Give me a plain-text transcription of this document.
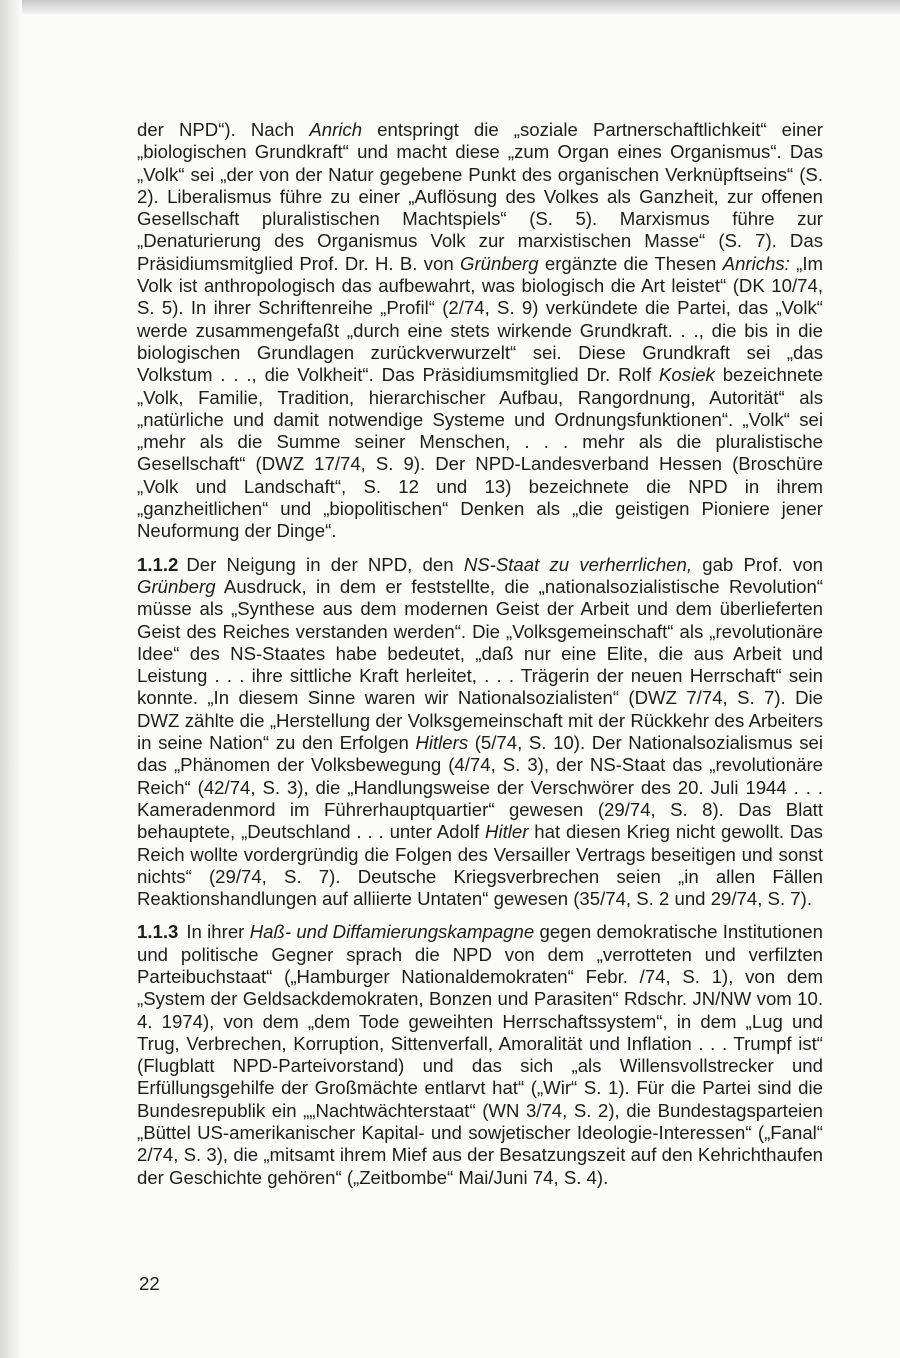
der NPD“). Nach Anrich entspringt die „soziale Partnerschaftlichkeit“ einer „biologischen Grundkraft“ und macht diese „zum Organ eines Organismus“. Das „Volk“ sei „der von der Natur gegebene Punkt des organischen Verknüpftseins“ (S. 2). Liberalismus führe zu einer „Auflösung des Volkes als Ganzheit, zur offenen Gesellschaft pluralistischen Machtspiels“ (S. 5). Marxismus führe zur „Denaturierung des Organismus Volk zur marxistischen Masse“ (S. 7). Das Präsidiumsmitglied Prof. Dr. H. B. von Grünberg ergänzte die Thesen Anrichs: „Im Volk ist anthropologisch das aufbewahrt, was biologisch die Art leistet“ (DK 10/74, S. 5). In ihrer Schriftenreihe „Profil“ (2/74, S. 9) verkündete die Partei, das „Volk“ werde zusammengefaßt „durch eine stets wirkende Grundkraft. . ., die bis in die biologischen Grundlagen zurückverwurzelt“ sei. Diese Grundkraft sei „das Volkstum . . ., die Volkheit“. Das Präsidiumsmitglied Dr. Rolf Kosiek bezeichnete „Volk, Familie, Tradition, hierarchischer Aufbau, Rangordnung, Autorität“ als „natürliche und damit notwendige Systeme und Ordnungsfunktionen“. „Volk“ sei „mehr als die Summe seiner Menschen, . . . mehr als die pluralistische Gesellschaft“ (DWZ 17/74, S. 9). Der NPD-Landesverband Hessen (Broschüre „Volk und Landschaft“, S. 12 und 13) bezeichnete die NPD in ihrem „ganzheitlichen“ und „biopolitischen“ Denken als „die geistigen Pioniere jener Neuformung der Dinge“.

1.1.2 Der Neigung in der NPD, den NS-Staat zu verherrlichen, gab Prof. von Grünberg Ausdruck, in dem er feststellte, die „nationalsozialistische Revolution“ müsse als „Synthese aus dem modernen Geist der Arbeit und dem überlieferten Geist des Reiches verstanden werden“. Die „Volksgemeinschaft“ als „revolutionäre Idee“ des NS-Staates habe bedeutet, „daß nur eine Elite, die aus Arbeit und Leistung . . . ihre sittliche Kraft herleitet, . . . Trägerin der neuen Herrschaft“ sein konnte. „In diesem Sinne waren wir Nationalsozialisten“ (DWZ 7/74, S. 7). Die DWZ zählte die „Herstellung der Volksgemeinschaft mit der Rückkehr des Arbeiters in seine Nation“ zu den Erfolgen Hitlers (5/74, S. 10). Der Nationalsozialismus sei das „Phänomen der Volksbewegung (4/74, S. 3), der NS-Staat das „revolutionäre Reich“ (42/74, S. 3), die „Handlungsweise der Verschwörer des 20. Juli 1944 . . . Kameradenmord im Führerhauptquartier“ gewesen (29/74, S. 8). Das Blatt behauptete, „Deutschland . . . unter Adolf Hitler hat diesen Krieg nicht gewollt. Das Reich wollte vordergründig die Folgen des Versailler Vertrags beseitigen und sonst nichts“ (29/74, S. 7). Deutsche Kriegsverbrechen seien „in allen Fällen Reaktionshandlungen auf alliierte Untaten“ gewesen (35/74, S. 2 und 29/74, S. 7).

1.1.3 In ihrer Haß- und Diffamierungskampagne gegen demokratische Institutionen und politische Gegner sprach die NPD von dem „verrotteten und verfilzten Parteibuchstaat“ („Hamburger Nationaldemokraten“ Febr. /74, S. 1), von dem „System der Geldsackdemokraten, Bonzen und Parasiten“ Rdschr. JN/NW vom 10. 4. 1974), von dem „dem Tode geweihten Herrschaftssystem“, in dem „Lug und Trug, Verbrechen, Korruption, Sittenverfall, Amoralität und Inflation . . . Trumpf ist“ (Flugblatt NPD-Parteivorstand) und das sich „als Willensvollstrecker und Erfüllungsgehilfe der Großmächte entlarvt hat“ („Wir“ S. 1). Für die Partei sind die Bundesrepublik ein „„Nachtwächterstaat“ (WN 3/74, S. 2), die Bundestagsparteien „Büttel US-amerikanischer Kapital- und sowjetischer Ideologie-Interessen“ („Fanal“ 2/74, S. 3), die „mitsamt ihrem Mief aus der Besatzungszeit auf den Kehrichthaufen der Geschichte gehören“ („Zeitbombe“ Mai/Juni 74, S. 4).

22
